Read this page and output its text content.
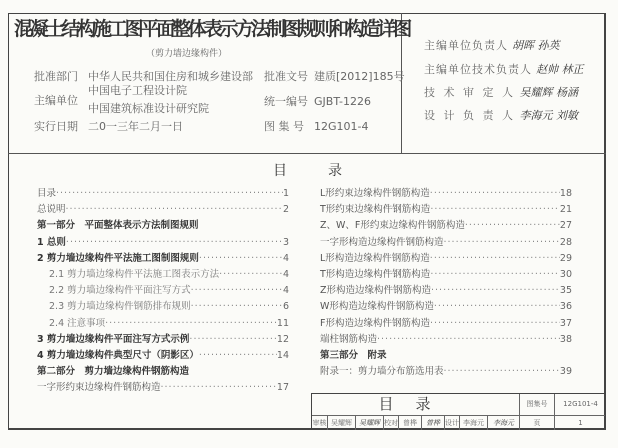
混凝土结构施工图平面整体表示方法制图规则和构造详图
（剪力墙边缘构件）
批准部门 中华人民共和国住房和城乡建设部
主编单位
中国电子工程设计院
中国建筑标准设计研究院
实行日期 二0一三年二月一日
批准文号 建质[2012]185号
统一编号 GJBT-1226
图 集 号 12G101-4
主编单位负责人 胡晖 孙英
主编单位技术负责人 赵帅 林正
技 术 审 定 人 吴耀辉 杨涵
设 计 负 责 人 李海元 刘敏
目	录
目录 ·····	1
总说明 ·····	2
第一部分　平面整体表示方法制图规则
1 总则 ·····	3
2 剪力墙边缘构件平法施工图制图规则 ·····	4
2.1 剪力墙边缘构件平法施工图表示方法 ·····	4
2.2 剪力墙边缘构件平面注写方式 ·····	4
2.3 剪力墙边缘构件钢筋排布规则 ·····	6
2.4 注意事项 ·····	11
3 剪力墙边缘构件平面注写方式示例 ·····	12
4 剪力墙边缘构件典型尺寸（阴影区） ·····	14
第二部分　剪力墙边缘构件钢筋构造
一字形约束边缘构件钢筋构造 ·····	17
L形约束边缘构件钢筋构造 ·····	18
T形约束边缘构件钢筋构造 ·····	21
Z、W、F形约束边缘构件钢筋构造 ·····	27
一字形构造边缘构件钢筋构造 ·····	28
L形构造边缘构件钢筋构造 ·····	29
T形构造边缘构件钢筋构造 ·····	30
Z形构造边缘构件钢筋构造 ·····	35
W形构造边缘构件钢筋构造 ·····	36
F形构造边缘构件钢筋构造 ·····	37
端柱钢筋构造 ·····	38
第三部分　附录
附录一：剪力墙分布筋选用表 ·····	39
目录	图集号	12G101-4
审核 吴耀辉	吴耀辉 校对 曾桦	曾桦 设计 李海元	李海元	页	1
